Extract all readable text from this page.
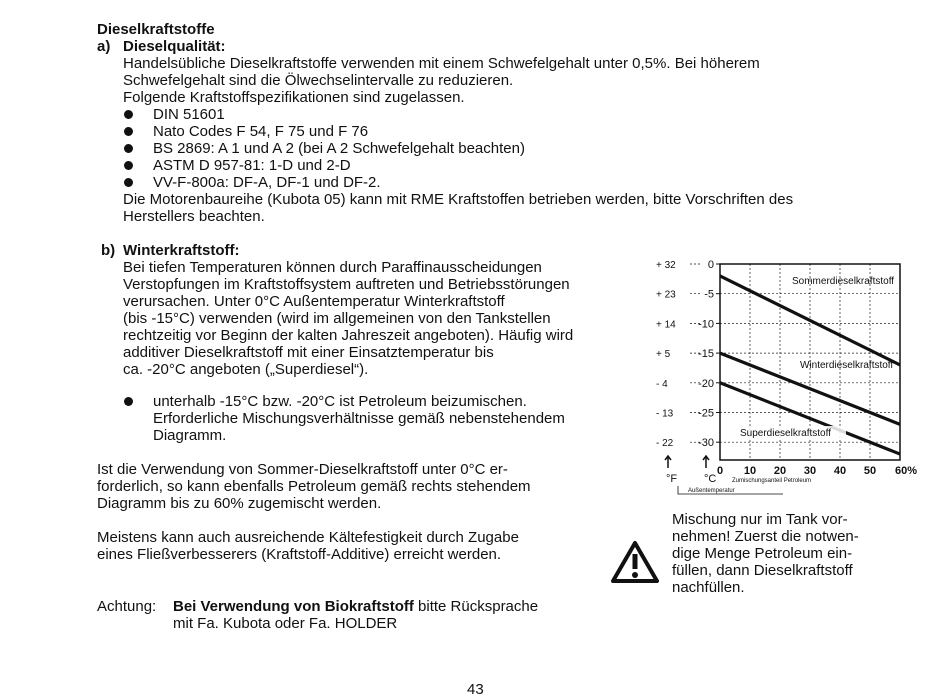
Dieselkraftstoffe
a) Dieselqualität:
Handelsübliche Dieselkraftstoffe verwenden mit einem Schwefelgehalt unter 0,5%. Bei höherem
Schwefelgehalt sind die Ölwechselintervalle zu reduzieren.
Folgende Kraftstoffspezifikationen sind zugelassen.
DIN 51601
Nato Codes F 54, F 75 und F 76
BS 2869: A 1 und A 2 (bei A 2 Schwefelgehalt beachten)
ASTM D 957-81: 1-D und 2-D
VV-F-800a: DF-A, DF-1 und DF-2.
Die Motorenbaureihe (Kubota 05) kann mit RME Kraftstoffen betrieben werden, bitte Vorschriften des
Herstellers beachten.
b) Winterkraftstoff:
Bei tiefen Temperaturen können durch Paraffinausscheidungen
Verstopfungen im Kraftstoffsystem auftreten und Betriebsstörungen
verursachen. Unter 0°C Außentemperatur Winterkraftstoff
(bis -15°C) verwenden (wird im allgemeinen von den Tankstellen
rechtzeitig vor Beginn der kalten Jahreszeit angeboten). Häufig wird
additiver Dieselkraftstoff mit einer Einsatztemperatur bis
ca. -20°C angeboten („Superdiesel“).
unterhalb -15°C bzw. -20°C ist Petroleum beizumischen.
Erforderliche Mischungsverhältnisse gemäß nebenstehendem
Diagramm.
Ist die Verwendung von Sommer-Dieselkraftstoff unter 0°C er-
forderlich, so kann ebenfalls Petroleum gemäß rechts stehendem
Diagramm bis zu 60% zugemischt werden.
Meistens kann auch ausreichende Kältefestigkeit durch Zugabe
eines Fließverbesserers (Kraftstoff-Additive) erreicht werden.
Achtung: Bei Verwendung von Biokraftstoff bitte Rücksprache
mit Fa. Kubota oder Fa. HOLDER
Mischung nur im Tank vor-
nehmen! Zuerst die notwen-
dige Menge Petroleum ein-
füllen, dann Dieselkraftstoff
nachfüllen.
43
0
-5
-10
-15
-20
-25
-30
+ 32
+ 23
+ 14
+ 5
- 4
- 13
- 22
0 10 20 30 40 50 60%
°F °C	Zumischungsanteil Petroleum
Außentemperatur
Sommerdieselkraftstoff
Winterdieselkraftstoff
Superdieselkraftstoff
